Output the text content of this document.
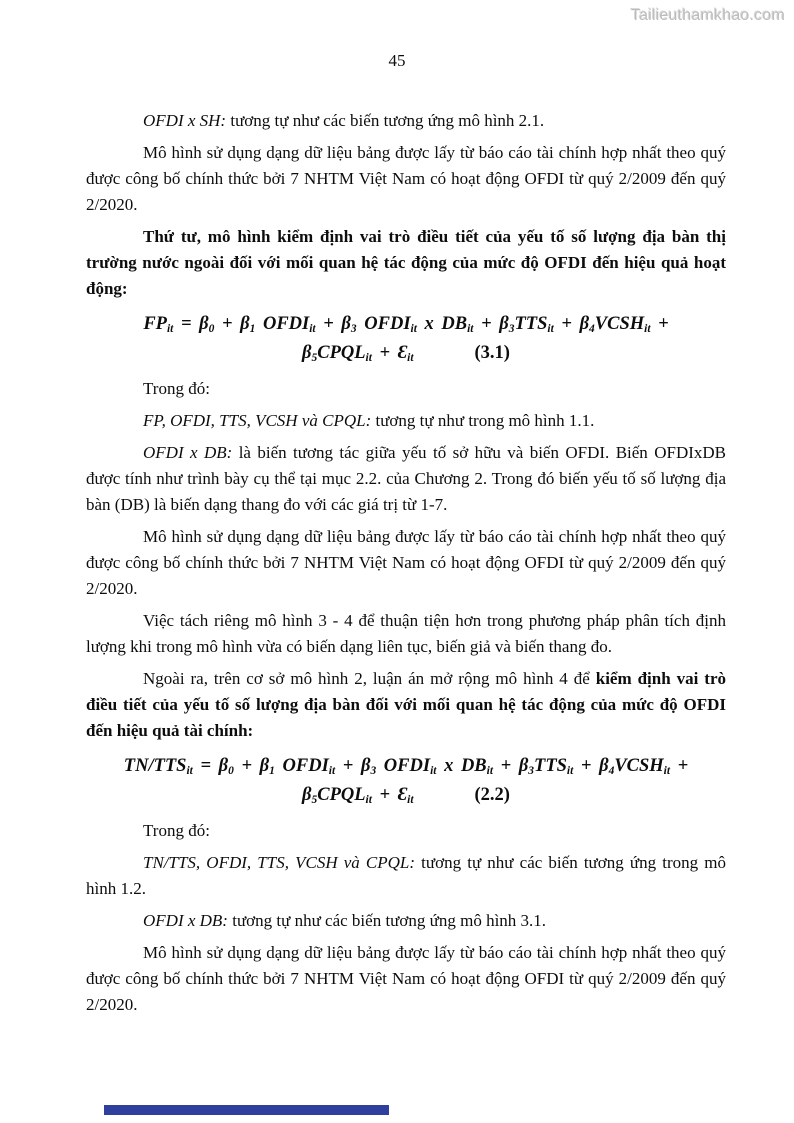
Tailieuthamkhao.com
45

OFDI x SH: tương tự như các biến tương ứng mô hình 2.1.

Mô hình sử dụng dạng dữ liệu bảng được lấy từ báo cáo tài chính hợp nhất theo quý được công bố chính thức bởi 7 NHTM Việt Nam có hoạt động OFDI từ quý 2/2009 đến quý 2/2020.

Thứ tư, mô hình kiểm định vai trò điều tiết của yếu tố số lượng địa bàn thị trường nước ngoài đối với mối quan hệ tác động của mức độ OFDI đến hiệu quả hoạt động:

$FP_{it} = \beta_0 + \beta_1$ $OFDI_{it} + \beta_3$ $OFDI_{it}$ x $DB_{it} + \beta_3TTS_{it}$ + $\beta_4VCSH_{it}$ +
$\beta_5CPQL_{it}$ + $Ɛ_{it}$        (3.1)

Trong đó:

FP, OFDI, TTS, VCSH và CPQL: tương tự như trong mô hình 1.1.

OFDI x DB: là biến tương tác giữa yếu tố sở hữu và biến OFDI. Biến OFDIxDB được tính như trình bày cụ thể tại mục 2.2. của Chương 2. Trong đó biến yếu tố số lượng địa bàn (DB) là biến dạng thang đo với các giá trị từ 1-7.

Mô hình sử dụng dạng dữ liệu bảng được lấy từ báo cáo tài chính hợp nhất theo quý được công bố chính thức bởi 7 NHTM Việt Nam có hoạt động OFDI từ quý 2/2009 đến quý 2/2020.

Việc tách riêng mô hình 3 - 4 để thuận tiện hơn trong phương pháp phân tích định lượng khi trong mô hình vừa có biến dạng liên tục, biến giả và biến thang đo.

Ngoài ra, trên cơ sở mô hình 2, luận án mở rộng mô hình 4 để kiểm định vai trò điều tiết của yếu tố số lượng địa bàn đối với mối quan hệ tác động của mức độ OFDI đến hiệu quả tài chính:

$TN/TTS_{it} = \beta_0 + \beta_1$ $OFDI_{it} + \beta_3$ $OFDI_{it}$ x $DB_{it} + \beta_3TTS_{it}$ + $\beta_4VCSH_{it}$ +
$\beta_5CPQL_{it}$ + $Ɛ_{it}$        (2.2)

Trong đó:

TN/TTS, OFDI, TTS, VCSH và CPQL: tương tự như các biến tương ứng trong mô hình 1.2.

OFDI x DB: tương tự như các biến tương ứng mô hình 3.1.

Mô hình sử dụng dạng dữ liệu bảng được lấy từ báo cáo tài chính hợp nhất theo quý được công bố chính thức bởi 7 NHTM Việt Nam có hoạt động OFDI từ quý 2/2009 đến quý 2/2020.
